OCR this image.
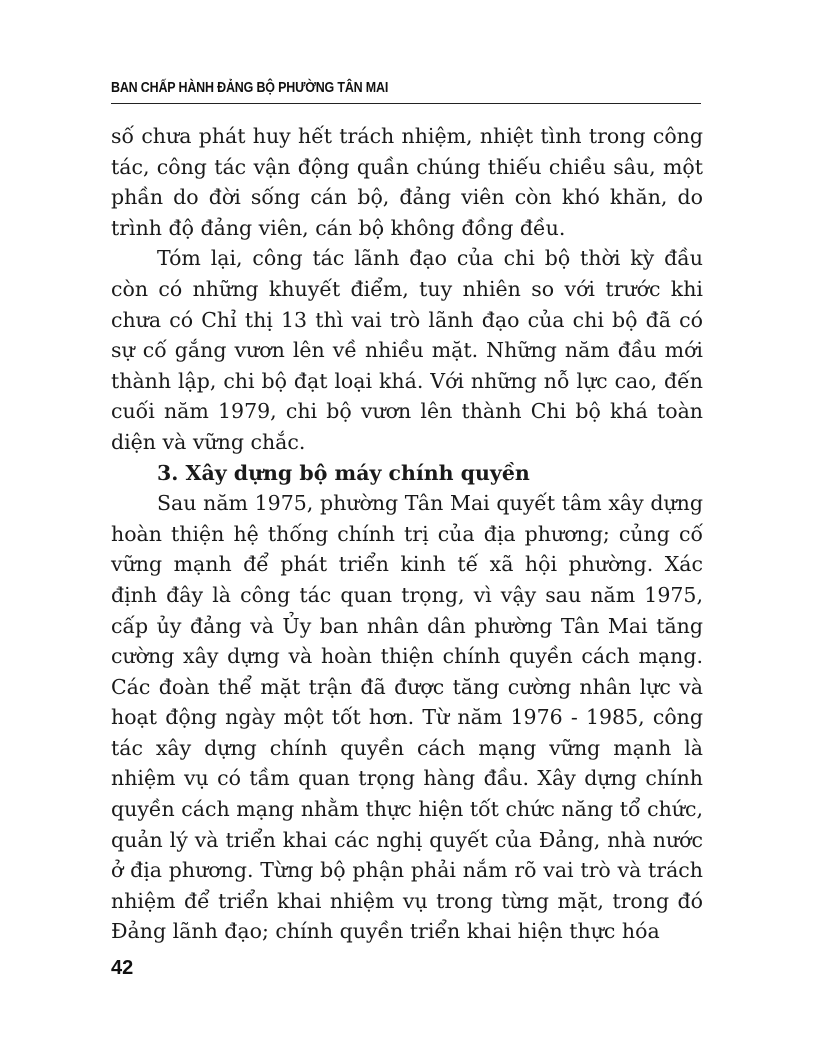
BAN CHẤP HÀNH ĐẢNG BỘ PHƯỜNG TÂN MAI

số chưa phát huy hết trách nhiệm, nhiệt tình trong công tác, công tác vận động quần chúng thiếu chiều sâu, một phần do đời sống cán bộ, đảng viên còn khó khăn, do trình độ đảng viên, cán bộ không đồng đều.

Tóm lại, công tác lãnh đạo của chi bộ thời kỳ đầu còn có những khuyết điểm, tuy nhiên so với trước khi chưa có Chỉ thị 13 thì vai trò lãnh đạo của chi bộ đã có sự cố gắng vươn lên về nhiều mặt. Những năm đầu mới thành lập, chi bộ đạt loại khá. Với những nỗ lực cao, đến cuối năm 1979, chi bộ vươn lên thành Chi bộ khá toàn diện và vững chắc.

3. Xây dựng bộ máy chính quyền

Sau năm 1975, phường Tân Mai quyết tâm xây dựng hoàn thiện hệ thống chính trị của địa phương; củng cố vững mạnh để phát triển kinh tế xã hội phường. Xác định đây là công tác quan trọng, vì vậy sau năm 1975, cấp ủy đảng và Ủy ban nhân dân phường Tân Mai tăng cường xây dựng và hoàn thiện chính quyền cách mạng. Các đoàn thể mặt trận đã được tăng cường nhân lực và hoạt động ngày một tốt hơn. Từ năm 1976 - 1985, công tác xây dựng chính quyền cách mạng vững mạnh là nhiệm vụ có tầm quan trọng hàng đầu. Xây dựng chính quyền cách mạng nhằm thực hiện tốt chức năng tổ chức, quản lý và triển khai các nghị quyết của Đảng, nhà nước ở địa phương. Từng bộ phận phải nắm rõ vai trò và trách nhiệm để triển khai nhiệm vụ trong từng mặt, trong đó Đảng lãnh đạo; chính quyền triển khai hiện thực hóa

42
